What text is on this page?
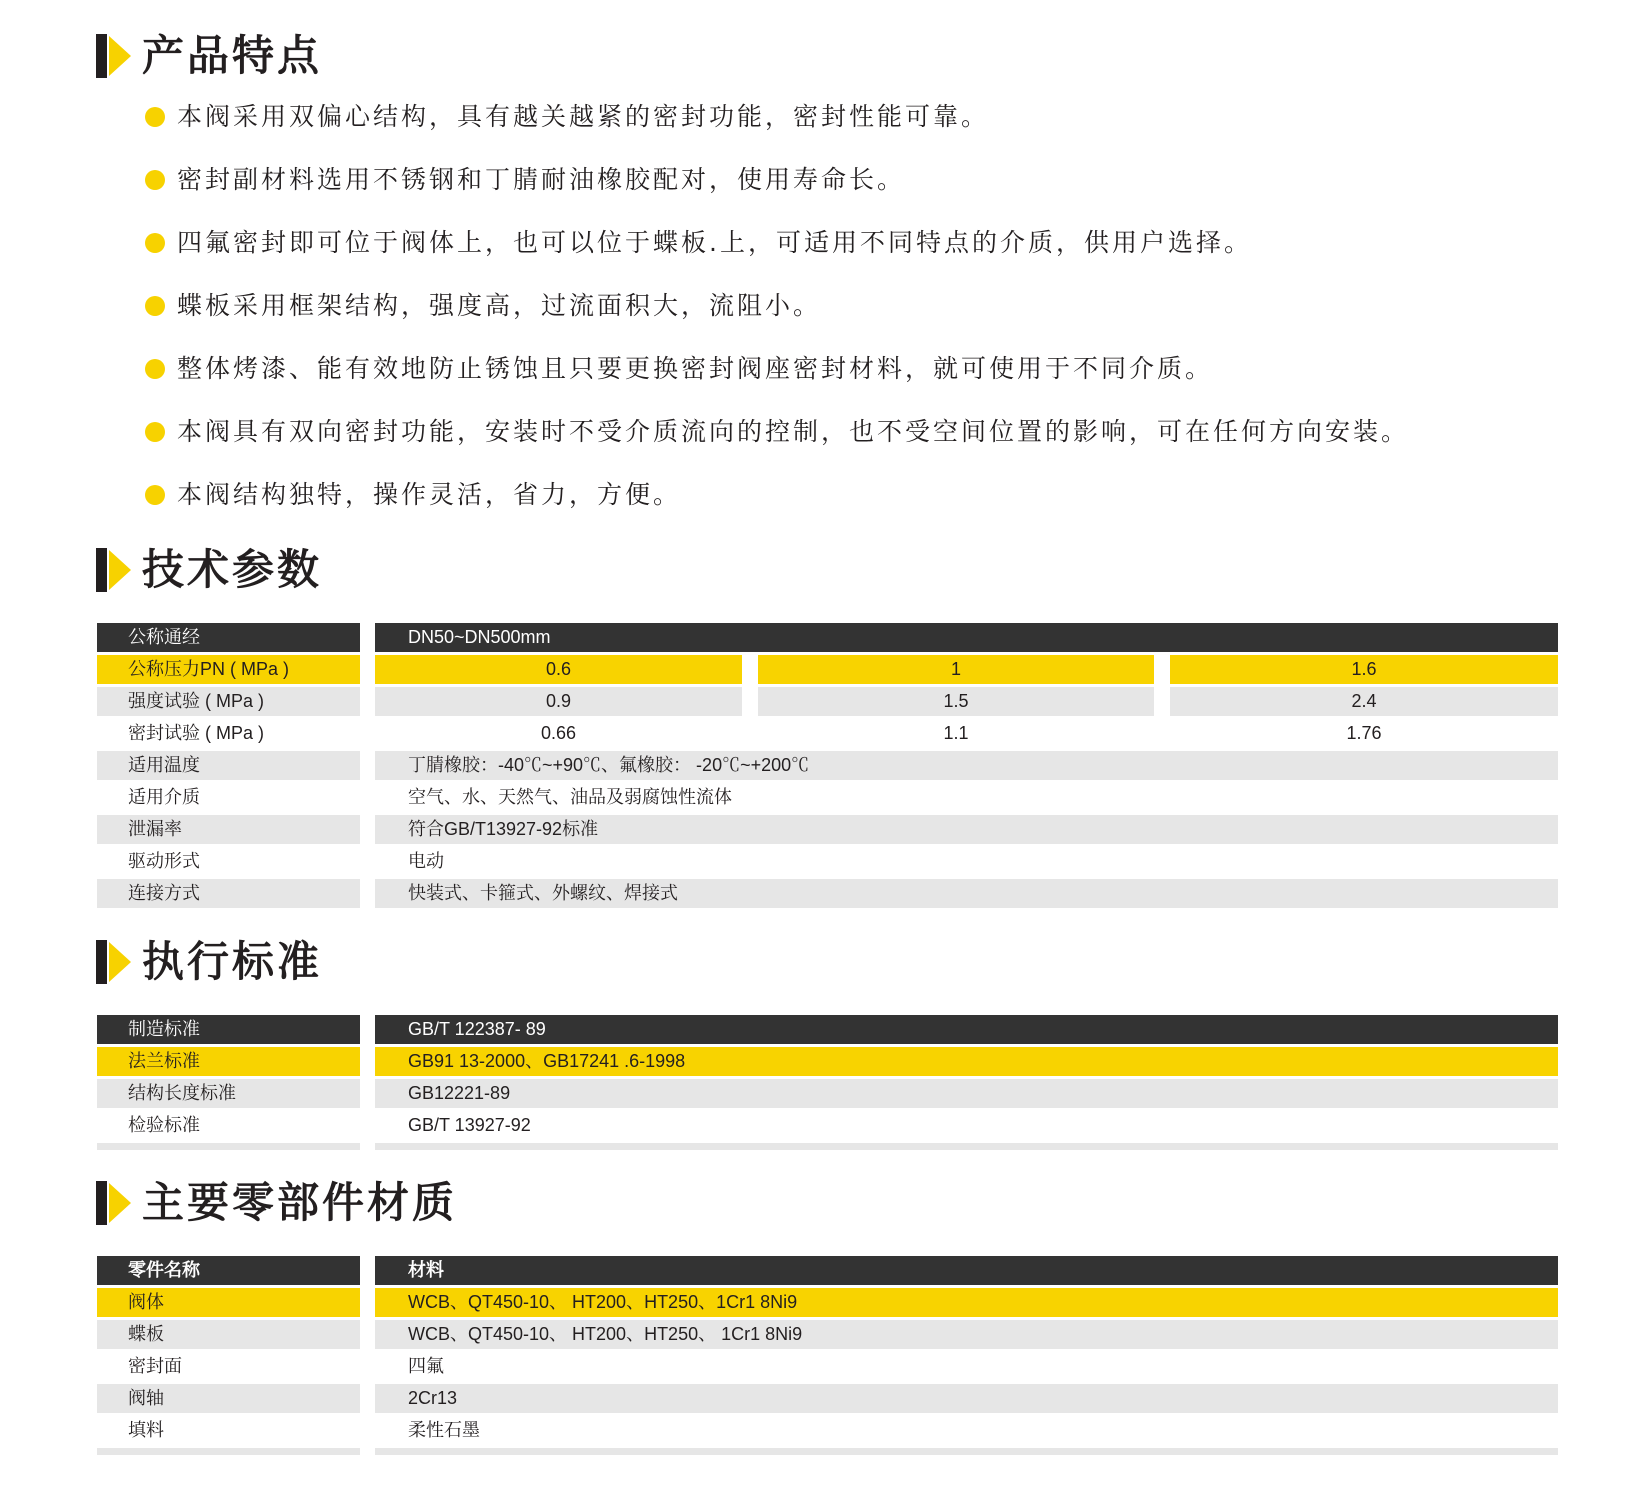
产品特点
本阀采用双偏心结构，具有越关越紧的密封功能，密封性能可靠。
密封副材料选用不锈钢和丁腈耐油橡胶配对，使用寿命长。
四氟密封即可位于阀体上，也可以位于蝶板.上，可适用不同特点的介质，供用户选择。
蝶板采用框架结构，强度高，过流面积大，流阻小。
整体烤漆、能有效地防止锈蚀且只要更换密封阀座密封材料，就可使用于不同介质。
本阀具有双向密封功能，安装时不受介质流向的控制，也不受空间位置的影响，可在任何方向安装。
本阀结构独特，操作灵活，省力，方便。
技术参数
公称通经	DN50~DN500mm
公称压力PN ( MPa )	0.6	1	1.6
强度试验 ( MPa )	0.9	1.5	2.4
密封试验 ( MPa )	0.66	1.1	1.76
适用温度	丁腈橡胶：-40℃~+90℃、氟橡胶： -20℃~+200℃
适用介质	空气、水、天然气、油品及弱腐蚀性流体
泄漏率	符合GB/T13927-92标准
驱动形式	电动
连接方式	快装式、卡箍式、外螺纹、焊接式
执行标准
制造标准	GB/T 122387- 89
法兰标准	GB91 13-2000、GB17241 .6-1998
结构长度标准	GB12221-89
检验标准	GB/T 13927-92
主要零部件材质
零件名称	材料
阀体	WCB、QT450-10、 HT200、HT250、1Cr1 8Ni9
蝶板	WCB、QT450-10、 HT200、HT250、 1Cr1 8Ni9
密封面	四氟
阀轴	2Cr13
填料	柔性石墨
